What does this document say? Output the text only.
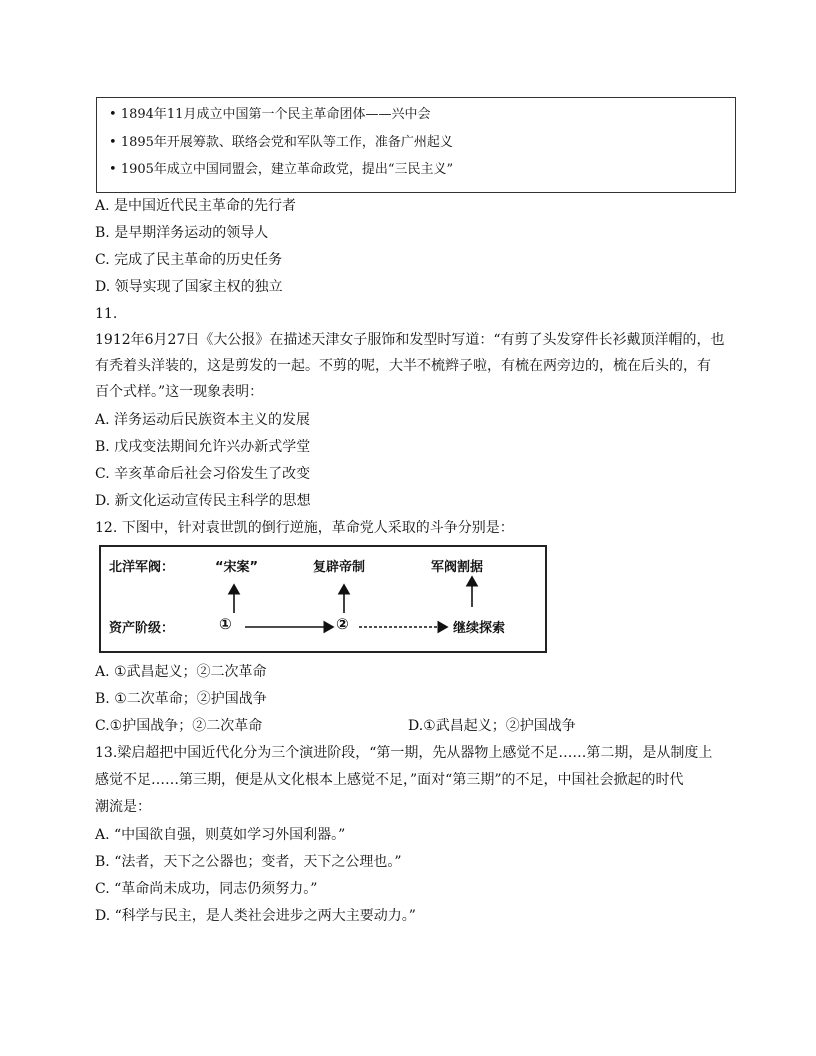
• 1894年11月成立中国第一个民主革命团体——兴中会
• 1895年开展筹款、联络会党和军队等工作，准备广州起义
• 1905年成立中国同盟会，建立革命政党，提出“三民主义”
A. 是中国近代民主革命的先行者
B. 是早期洋务运动的领导人
C. 完成了民主革命的历史任务
D. 领导实现了国家主权的独立
11.
1912年6月27日《大公报》在描述天津女子服饰和发型时写道：“有剪了头发穿件长衫戴顶洋帽的，也
有秃着头洋装的，这是剪发的一起。不剪的呢，大半不梳辫子啦，有梳在两旁边的，梳在后头的，有
百个式样。”这一现象表明：
A. 洋务运动后民族资本主义的发展
B. 戊戌变法期间允许兴办新式学堂
C. 辛亥革命后社会习俗发生了改变
D. 新文化运动宣传民主科学的思想
12. 下图中，针对袁世凯的倒行逆施，革命党人采取的斗争分别是：
北洋军阀：	“宋案”	复辟帝制	军阀割据
资产阶级：	①	②	继续探索
A. ①武昌起义；②二次革命
B. ①二次革命；②护国战争
C.①护国战争；②二次革命	D.①武昌起义；②护国战争
13.梁启超把中国近代化分为三个演进阶段，“第一期，先从器物上感觉不足……第二期，是从制度上
感觉不足……第三期，便是从文化根本上感觉不足，”面对“第三期”的不足，中国社会掀起的时代
潮流是：
A. “中国欲自强，则莫如学习外国利器。”
B. “法者，天下之公器也；变者，天下之公理也。”
C. “革命尚未成功，同志仍须努力。”
D. “科学与民主，是人类社会进步之两大主要动力。”
